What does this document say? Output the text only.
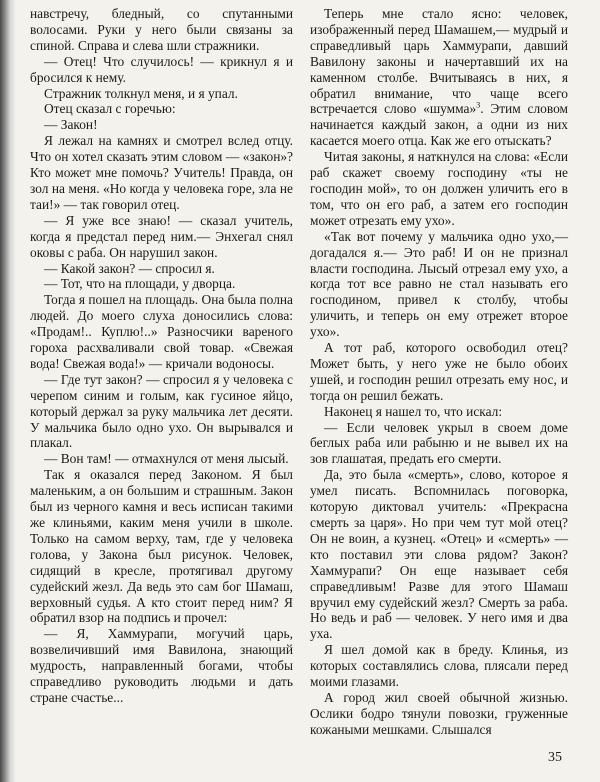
навстречу, бледный, со спутанными волосами. Руки у него были связаны за спиной. Справа и слева шли стражники.

— Отец! Что случилось! — крикнул я и бросился к нему.

Стражник толкнул меня, и я упал.

Отец сказал с горечью:

— Закон!

Я лежал на камнях и смотрел вслед отцу. Что он хотел сказать этим словом — «закон»? Кто может мне помочь? Учитель! Правда, он зол на меня. «Но когда у человека горе, зла не таи!» — так говорил отец.

— Я уже все знаю! — сказал учитель, когда я предстал перед ним.— Энхегал снял оковы с раба. Он нарушил закон.

— Какой закон? — спросил я.

— Тот, что на площади, у дворца.

Тогда я пошел на площадь. Она была полна людей. До моего слуха доносились слова: «Продам!.. Куплю!..» Разносчики вареного гороха расхваливали свой товар. «Свежая вода! Свежая вода!» — кричали водоносы.

— Где тут закон? — спросил я у человека с черепом синим и голым, как гусиное яйцо, который держал за руку мальчика лет десяти. У мальчика было одно ухо. Он вырывался и плакал.

— Вон там! — отмахнулся от меня лысый.

Так я оказался перед Законом. Я был маленьким, а он большим и страшным. Закон был из черного камня и весь исписан такими же клиньями, каким меня учили в школе. Только на самом верху, там, где у человека голова, у Закона был рисунок. Человек, сидящий в кресле, протягивал другому судейский жезл. Да ведь это сам бог Шамаш, верховный судья. А кто стоит перед ним? Я обратил взор на подпись и прочел:

— Я, Хаммурапи, могучий царь, возвеличивший имя Вавилона, знающий мудрость, направленный богами, чтобы справедливо руководить людьми и дать стране счастье...

Теперь мне стало ясно: человек, изображенный перед Шамашем,— мудрый и справедливый царь Хаммурапи, давший Вавилону законы и начертавший их на каменном столбе. Вчитываясь в них, я обратил внимание, что чаще всего встречается слово «шумма»$^3$. Этим словом начинается каждый закон, а одни из них касается моего отца. Как же его отыскать?

Читая законы, я наткнулся на слова: «Если раб скажет своему господину «ты не господин мой», то он должен уличить его в том, что он его раб, а затем его господин может отрезать ему ухо».

«Так вот почему у мальчика одно ухо,— догадался я.— Это раб! И он не признал власти господина. Лысый отрезал ему ухо, а когда тот все равно не стал называть его господином, привел к столбу, чтобы уличить, и теперь он ему отрежет второе ухо».

А тот раб, которого освободил отец? Может быть, у него уже не было обоих ушей, и господин решил отрезать ему нос, и тогда он решил бежать.

Наконец я нашел то, что искал:

— Если человек укрыл в своем доме беглых раба или рабыню и не вывел их на зов глашатая, предать его смерти.

Да, это была «смерть», слово, которое я умел писать. Вспомнилась поговорка, которую диктовал учитель: «Прекрасна смерть за царя». Но при чем тут мой отец? Он не воин, а кузнец. «Отец» и «смерть» — кто поставил эти слова рядом? Закон? Хаммурапи? Он еще называет себя справедливым! Разве для этого Шамаш вручил ему судейский жезл? Смерть за раба. Но ведь и раб — человек. У него имя и два уха.

Я шел домой как в бреду. Клинья, из которых составлялись слова, плясали перед моими глазами.

А город жил своей обычной жизнью. Ослики бодро тянули повозки, груженные кожаными мешками. Слышался

35
